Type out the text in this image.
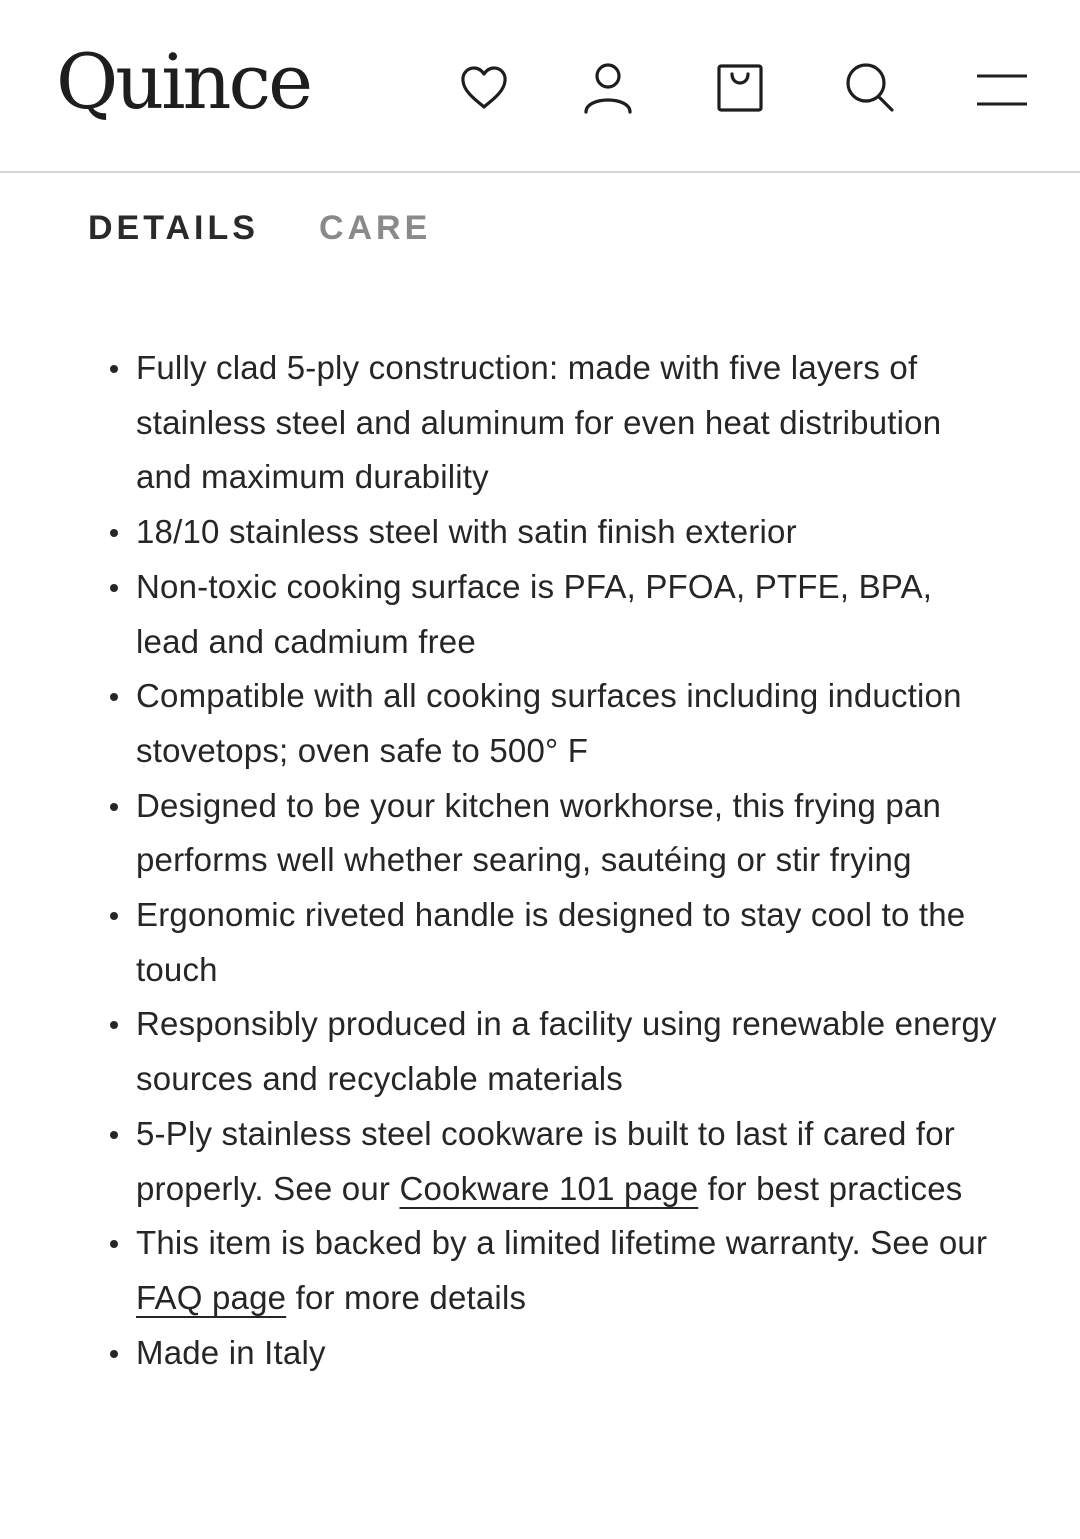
Quince
DETAILS CARE
Fully clad 5-ply construction: made with five layers of stainless steel and aluminum for even heat distribution and maximum durability
18/10 stainless steel with satin finish exterior
Non-toxic cooking surface is PFA, PFOA, PTFE, BPA, lead and cadmium free
Compatible with all cooking surfaces including induction stovetops; oven safe to 500° F
Designed to be your kitchen workhorse, this frying pan performs well whether searing, sautéing or stir frying
Ergonomic riveted handle is designed to stay cool to the touch
Responsibly produced in a facility using renewable energy sources and recyclable materials
5-Ply stainless steel cookware is built to last if cared for properly. See our Cookware 101 page for best practices
This item is backed by a limited lifetime warranty. See our FAQ page for more details
Made in Italy
